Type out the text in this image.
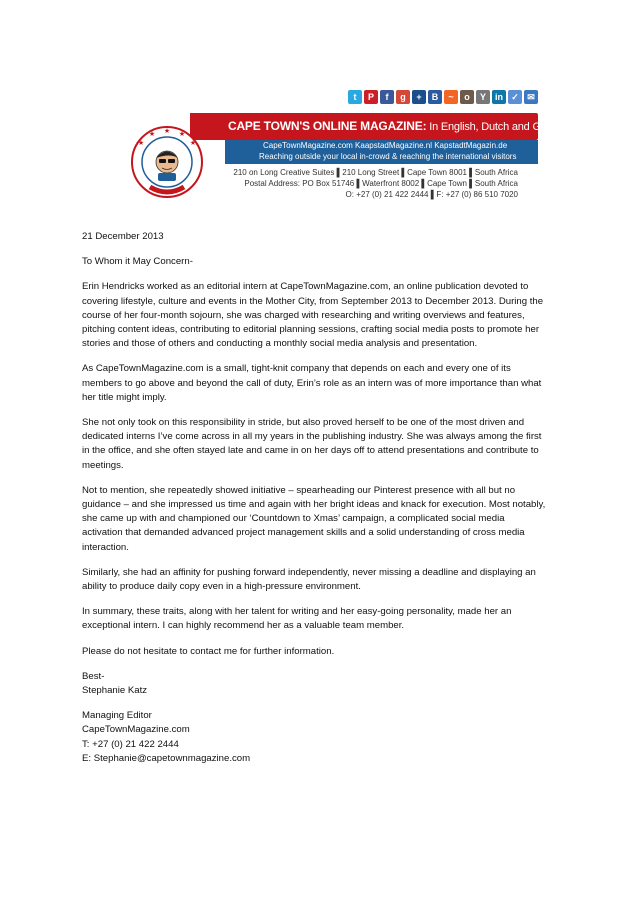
t	P	f	g	+	B	~	o	Y	in ✓ ✉
CAPE TOWN'S ONLINE MAGAZINE: In English, Dutch and German
CapeTownMagazine.com KaapstadMagazine.nl KapstadtMagazin.de
Reaching outside your local in-crowd & reaching the international visitors
210 on Long Creative Suites ▌210 Long Street ▌Cape Town 8001 ▌South Africa
Postal Address: PO Box 51746 ▌Waterfront 8002 ▌Cape Town ▌South Africa
O: +27 (0) 21 422 2444 ▌F: +27 (0) 86 510 7020
★
★	★
★	★

21 December 2013

To Whom it May Concern-

Erin Hendricks worked as an editorial intern at CapeTownMagazine.com, an online publication devoted to covering lifestyle, culture and events in the Mother City, from September 2013 to December 2013. During the course of her four-month sojourn, she was charged with researching and writing overviews and features, pitching content ideas, contributing to editorial planning sessions, crafting social media posts to promote her stories and those of others and conducting a monthly social media analysis and presentation.

As CapeTownMagazine.com is a small, tight-knit company that depends on each and every one of its members to go above and beyond the call of duty, Erin’s role as an intern was of more importance than what her title might imply.

She not only took on this responsibility in stride, but also proved herself to be one of the most driven and dedicated interns I’ve come across in all my years in the publishing industry. She was always among the first in the office, and she often stayed late and came in on her days off to attend presentations and contribute to meetings.

Not to mention, she repeatedly showed initiative – spearheading our Pinterest presence with all but no guidance – and she impressed us time and again with her bright ideas and knack for execution. Most notably, she came up with and championed our ‘Countdown to Xmas’ campaign, a complicated social media activation that demanded advanced project management skills and a solid understanding of cross media interaction.

Similarly, she had an affinity for pushing forward independently, never missing a deadline and displaying an ability to produce daily copy even in a high-pressure environment.

In summary, these traits, along with her talent for writing and her easy-going personality, made her an exceptional intern. I can highly recommend her as a valuable team member.

Please do not hesitate to contact me for further information.

Best-

Stephanie Katz

Managing Editor

CapeTownMagazine.com

T: +27 (0) 21 422 2444

E: Stephanie@capetownmagazine.com
